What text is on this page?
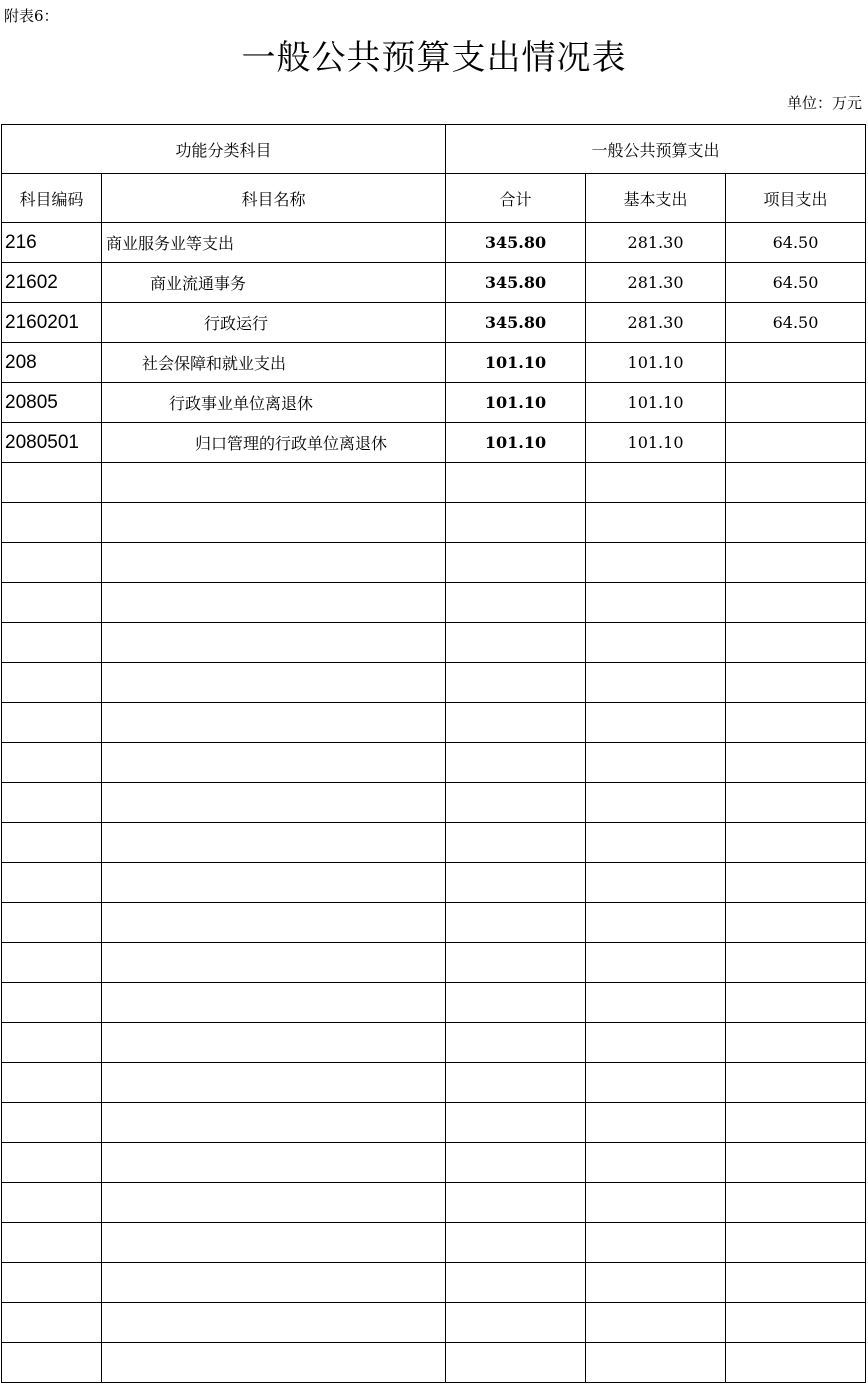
附表6：
一般公共预算支出情况表
单位：万元
功能分类科目		一般公共预算支出		
科目编码	科目名称	合计	基本支出	项目支出
216	商业服务业等支出	345.80	281.30	64.50
21602	商业流通事务	345.80	281.30	64.50
2160201	行政运行	345.80	281.30	64.50
208	社会保障和就业支出	101.10	101.10	
20805	行政事业单位离退休	101.10	101.10	
2080501	归口管理的行政单位离退休	101.10	101.10	
